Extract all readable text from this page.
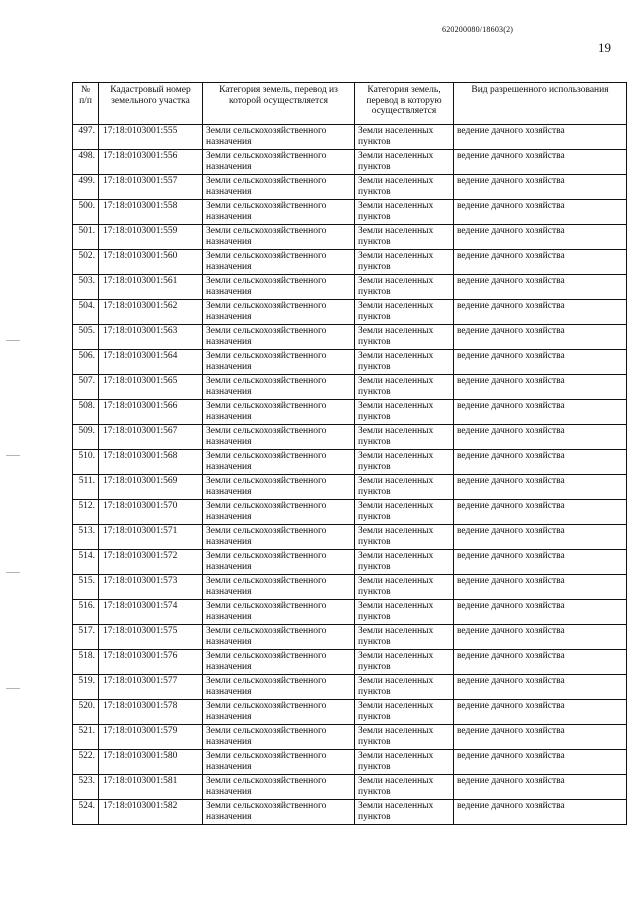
620200080/18603(2)
19
№ п/п	Кадастровый номер земельного участка	Категория земель, перевод из которой осуществляется	Категория земель, перевод в которую осуществляется	Вид разрешенного использования
497.	17:18:0103001:555	Земли сельскохозяйственного назначения	Земли населенных пунктов	ведение дачного хозяйства
498.	17:18:0103001:556	Земли сельскохозяйственного назначения	Земли населенных пунктов	ведение дачного хозяйства
499.	17:18:0103001:557	Земли сельскохозяйственного назначения	Земли населенных пунктов	ведение дачного хозяйства
500.	17:18:0103001:558	Земли сельскохозяйственного назначения	Земли населенных пунктов	ведение дачного хозяйства
501.	17:18:0103001:559	Земли сельскохозяйственного назначения	Земли населенных пунктов	ведение дачного хозяйства
502.	17:18:0103001:560	Земли сельскохозяйственного назначения	Земли населенных пунктов	ведение дачного хозяйства
503.	17:18:0103001:561	Земли сельскохозяйственного назначения	Земли населенных пунктов	ведение дачного хозяйства
504.	17:18:0103001:562	Земли сельскохозяйственного назначения	Земли населенных пунктов	ведение дачного хозяйства
505.	17:18:0103001:563	Земли сельскохозяйственного назначения	Земли населенных пунктов	ведение дачного хозяйства
506.	17:18:0103001:564	Земли сельскохозяйственного назначения	Земли населенных пунктов	ведение дачного хозяйства
507.	17:18:0103001:565	Земли сельскохозяйственного назначения	Земли населенных пунктов	ведение дачного хозяйства
508.	17:18:0103001:566	Земли сельскохозяйственного назначения	Земли населенных пунктов	ведение дачного хозяйства
509.	17:18:0103001:567	Земли сельскохозяйственного назначения	Земли населенных пунктов	ведение дачного хозяйства
510.	17:18:0103001:568	Земли сельскохозяйственного назначения	Земли населенных пунктов	ведение дачного хозяйства
511.	17:18:0103001:569	Земли сельскохозяйственного назначения	Земли населенных пунктов	ведение дачного хозяйства
512.	17:18:0103001:570	Земли сельскохозяйственного назначения	Земли населенных пунктов	ведение дачного хозяйства
513.	17:18:0103001:571	Земли сельскохозяйственного назначения	Земли населенных пунктов	ведение дачного хозяйства
514.	17:18:0103001:572	Земли сельскохозяйственного назначения	Земли населенных пунктов	ведение дачного хозяйства
515.	17:18:0103001:573	Земли сельскохозяйственного назначения	Земли населенных пунктов	ведение дачного хозяйства
516.	17:18:0103001:574	Земли сельскохозяйственного назначения	Земли населенных пунктов	ведение дачного хозяйства
517.	17:18:0103001:575	Земли сельскохозяйственного назначения	Земли населенных пунктов	ведение дачного хозяйства
518.	17:18:0103001:576	Земли сельскохозяйственного назначения	Земли населенных пунктов	ведение дачного хозяйства
519.	17:18:0103001:577	Земли сельскохозяйственного назначения	Земли населенных пунктов	ведение дачного хозяйства
520.	17:18:0103001:578	Земли сельскохозяйственного назначения	Земли населенных пунктов	ведение дачного хозяйства
521.	17:18:0103001:579	Земли сельскохозяйственного назначения	Земли населенных пунктов	ведение дачного хозяйства
522.	17:18:0103001:580	Земли сельскохозяйственного назначения	Земли населенных пунктов	ведение дачного хозяйства
523.	17:18:0103001:581	Земли сельскохозяйственного назначения	Земли населенных пунктов	ведение дачного хозяйства
524.	17:18:0103001:582	Земли сельскохозяйственного назначения	Земли населенных пунктов	ведение дачного хозяйства
